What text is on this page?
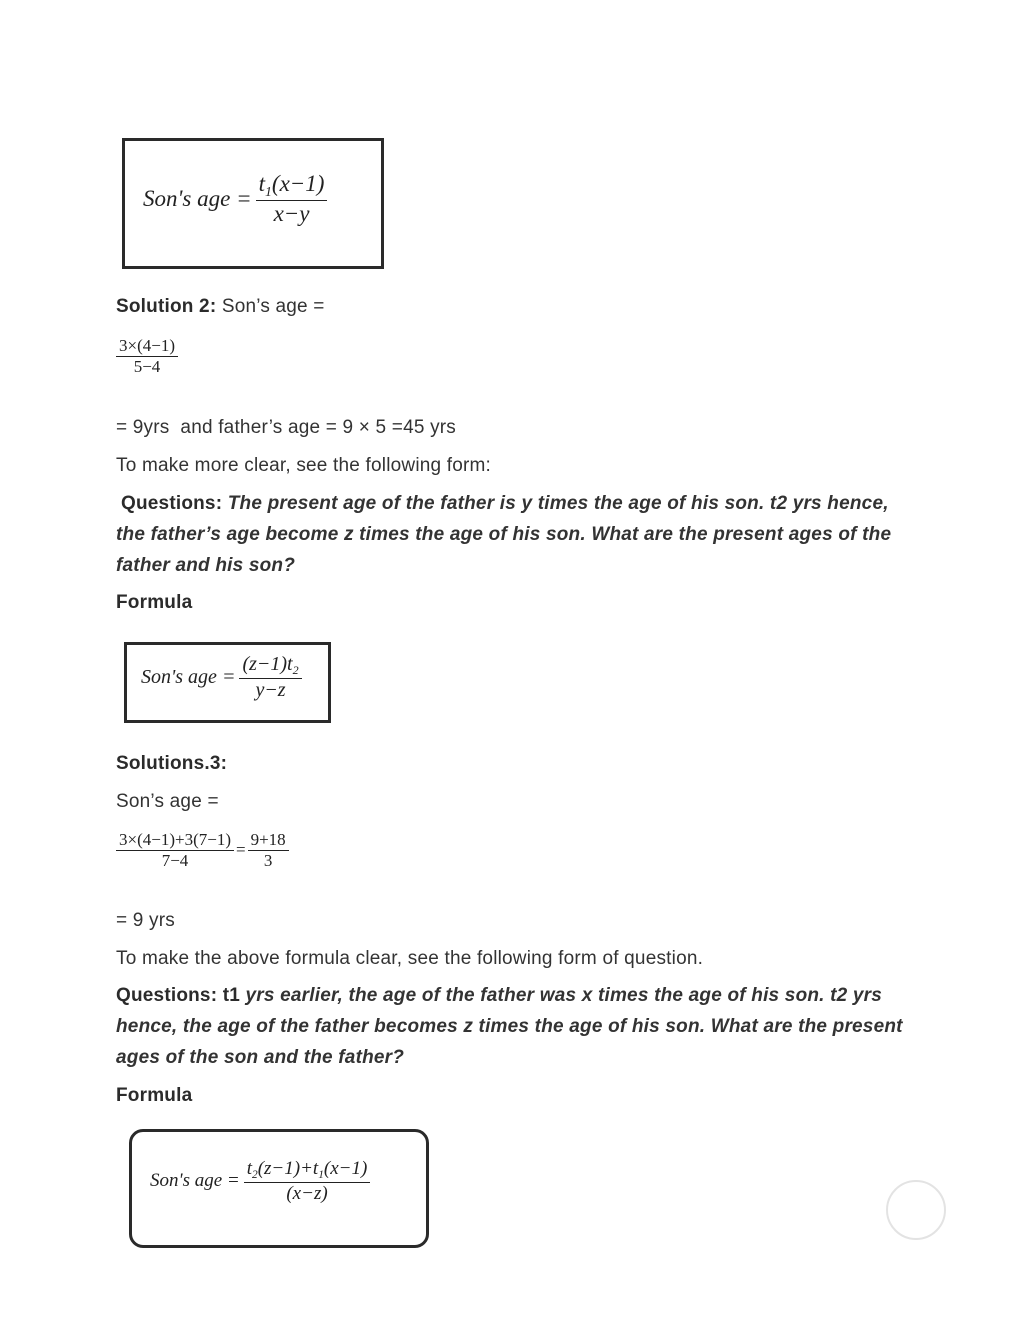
Son's age = $\frac{t_1(x-1)}{x-y}$
Solution 2: Son’s age =
$\frac{3\times(4-1)}{5-4}$
= 9yrs  and father’s age = 9 × 5 =45 yrs
To make more clear, see the following form:
Questions: The present age of the father is y times the age of his son. t2 yrs hence, the father’s age become z times the age of his son. What are the present ages of the father and his son?
Formula
Son's age = $\frac{(z-1)t_2}{y-z}$
Solutions.3:
Son’s age =
$\frac{3\times(4-1)+3(7-1)}{7-4} = \frac{9+18}{3}$
= 9 yrs
To make the above formula clear, see the following form of question.
Questions: t1 yrs earlier, the age of the father was x times the age of his son. t2 yrs hence, the age of the father becomes z times the age of his son. What are the present ages of the son and the father?
Formula
Son's age = $\frac{t_2(z-1)+t_1(x-1)}{(x-z)}$
